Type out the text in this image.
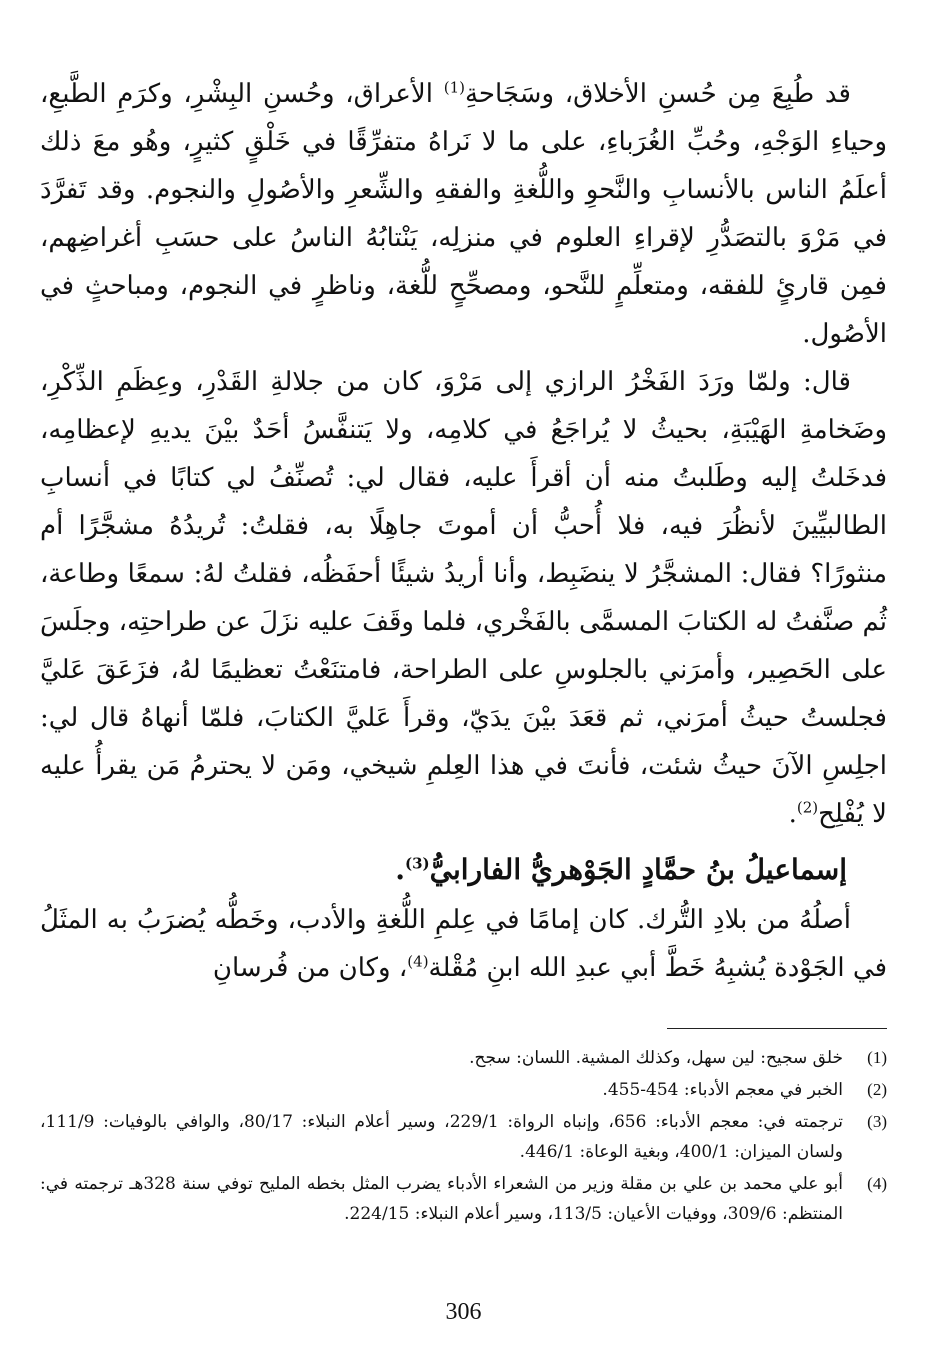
قد طُبِعَ مِن حُسنِ الأخلاق، وسَجَاحةِ$^{(1)}$ الأعراق، وحُسنِ البِشْرِ، وكرَمِ الطَّبعِ، وحياءِ الوَجْهِ، وحُبِّ الغُرَباءِ، على ما لا نَراهُ متفرِّقًا في خَلْقٍ كثيرٍ، وهُو معَ ذلك أعلَمُ الناس بالأنسابِ والنَّحوِ واللُّغةِ والفقهِ والشِّعرِ والأصُولِ والنجوم. وقد تَفرَّدَ في مَرْوَ بالتصَدُّرِ لإقراءِ العلوم في منزلِه، يَنْتابُهُ الناسُ على حسَبِ أغراضِهم، فمِن قارئٍ للفقه، ومتعلِّمٍ للنَّحو، ومصحِّحٍ للُّغة، وناظرٍ في النجوم، ومباحثٍ في الأصُول.

قال: ولمّا ورَدَ الفَخْرُ الرازي إلى مَرْوَ، كان من جلالةِ القَدْرِ، وعِظَمِ الذِّكْرِ، وضَخامةِ الهَيْبَةِ، بحيثُ لا يُراجَعُ في كلامِه، ولا يَتنفَّسُ أحَدٌ بيْنَ يديهِ لإعظامِه، فدخَلتُ إليه وطَلبتُ منه أن أقرأَ عليه، فقال لي: تُصنِّفُ لي كتابًا في أنسابِ الطالبيِّينَ لأنظُرَ فيه، فلا أُحبُّ أن أموتَ جاهِلًا به، فقلتُ: تُريدُهُ مشجَّرًا أم منثورًا؟ فقال: المشجَّرُ لا ينضَبِط، وأنا أريدُ شيئًا أحفَظُه، فقلتُ لهُ: سمعًا وطاعة، ثُم صنَّفتُ له الكتابَ المسمَّى بالفَخْري، فلما وقَفَ عليه نزَلَ عن طراحتِه، وجلَسَ على الحَصِير، وأمرَني بالجلوسِ على الطراحة، فامتنَعْتُ تعظيمًا لهُ، فزَعَقَ عَليَّ فجلستُ حيثُ أمرَني، ثم قعَدَ بيْنَ يدَيّ، وقرأَ عَليَّ الكتابَ، فلمّا أنهاهُ قال لي: اجلِسِ الآنَ حيثُ شئت، فأنتَ في هذا العِلمِ شيخي، ومَن لا يحترمُ مَن يقرأُ عليه لا يُفْلِح$^{(2)}$.

إسماعيلُ بنُ حمَّادٍ الجَوْهريُّ الفارابيُّ$^{(3)}$.

أصلُهُ من بلادِ التُّرك. كان إمامًا في عِلمِ اللُّغةِ والأدب، وخَطُّه يُضرَبُ به المثَلُ في الجَوْدة يُشبِهُ خَطَّ أبي عبدِ الله ابنِ مُقْلة$^{(4)}$، وكان من فُرسانِ

(1)
خلق سجيح: لين سهل، وكذلك المشية. اللسان: سجح.
(2)
الخبر في معجم الأدباء: 454-455.
(3)
ترجمته في: معجم الأدباء: 656، وإنباه الرواة: 229/1، وسير أعلام النبلاء: 80/17، والوافي بالوفيات: 111/9، ولسان الميزان: 400/1، وبغية الوعاة: 446/1.
(4)
أبو علي محمد بن علي بن مقلة وزير من الشعراء الأدباء يضرب المثل بخطه المليح توفي سنة 328هـ ترجمته في: المنتظم: 309/6، ووفيات الأعيان: 113/5، وسير أعلام النبلاء: 224/15.
306
